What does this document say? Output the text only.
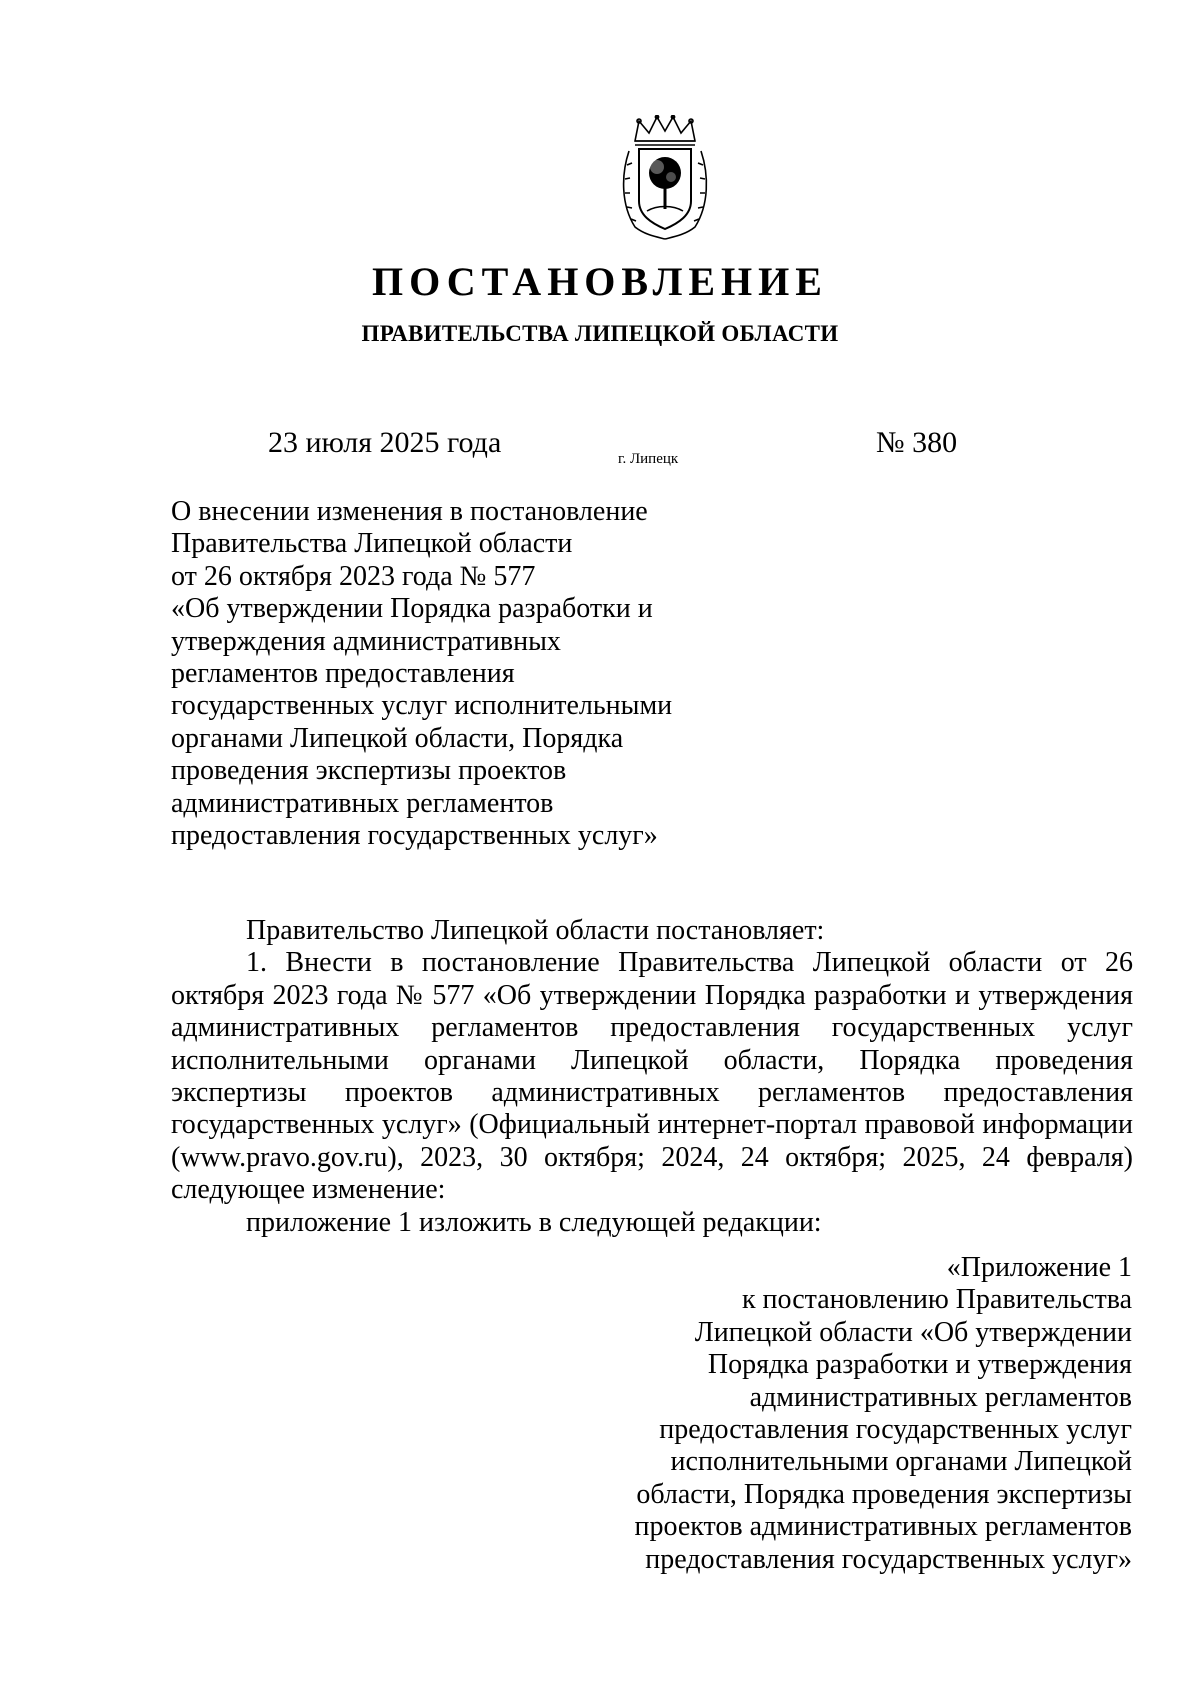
ПОСТАНОВЛЕНИЕ
ПРАВИТЕЛЬСТВА ЛИПЕЦКОЙ ОБЛАСТИ
23 июля 2025 года	г. Липецк	№ 380
О внесении изменения в постановление
Правительства Липецкой области
от 26 октября 2023 года № 577
«Об утверждении Порядка разработки и
утверждения административных
регламентов предоставления
государственных услуг исполнительными
органами Липецкой области, Порядка
проведения экспертизы проектов
административных регламентов
предоставления государственных услуг»
Правительство Липецкой области постановляет:
1. Внести в постановление Правительства Липецкой области от 26
октября 2023 года № 577 «Об утверждении Порядка разработки и утверждения
административных регламентов предоставления государственных услуг
исполнительными органами Липецкой области, Порядка проведения
экспертизы проектов административных регламентов предоставления
государственных услуг» (Официальный интернет-портал правовой информации
(www.pravo.gov.ru), 2023, 30 октября; 2024, 24 октября; 2025, 24 февраля)
следующее изменение:
приложение 1 изложить в следующей редакции:
«Приложение 1
к постановлению Правительства
Липецкой области «Об утверждении
Порядка разработки и утверждения
административных регламентов
предоставления государственных услуг
исполнительными органами Липецкой
области, Порядка проведения экспертизы
проектов административных регламентов
предоставления государственных услуг»
